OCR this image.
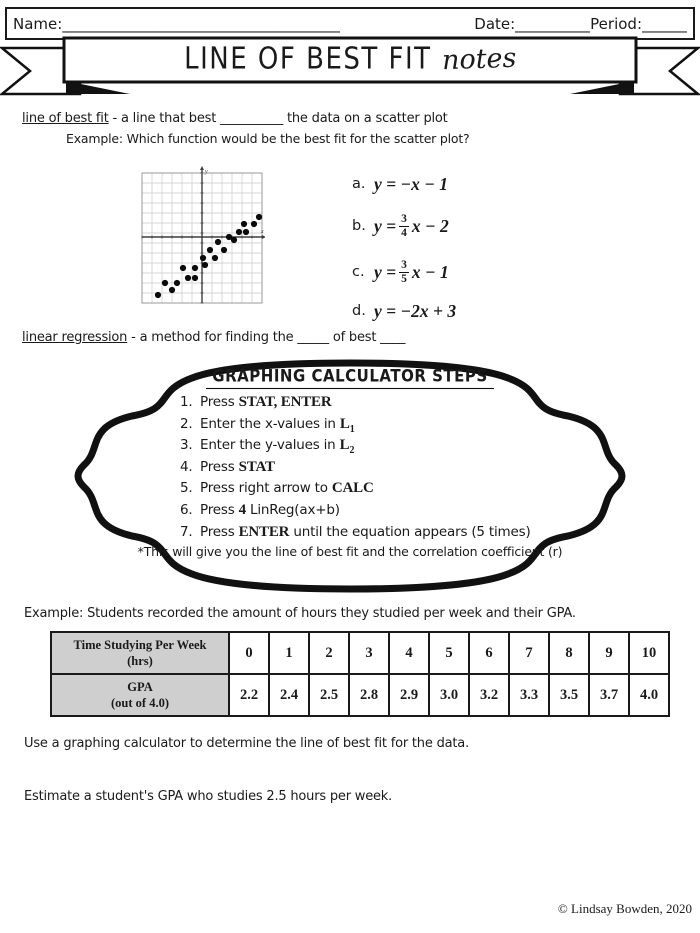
Name: _____________________________________	Date: __________ Period: ______
LINE OF BEST FIT notes
line of best fit - a line that best __________ the data on a scatter plot
Example: Which function would be the best fit for the scatter plot?
y
x
a. y = −x − 1
b. $y = \frac{3}{4}$ x − 2
c. $y = \frac{3}{5}$ x − 1
d. y = −2x + 3
linear regression - a method for finding the _____ of best ____
GRAPHING CALCULATOR STEPS
1. Press STAT, ENTER
2. Enter the x-values in $L_1$
3. Enter the y-values in $L_2$
4. Press STAT
5. Press right arrow to CALC
6. Press 4 LinReg(ax+b)
7. Press ENTER until the equation appears (5 times)
*This will give you the line of best fit and the correlation coefficient (r)
Example: Students recorded the amount of hours they studied per week and their GPA.
Time Studying Per Week
(hrs)	0	1	2	3	4	5	6	7	8	9	10
GPA
(out of 4.0)	2.2	2.4	2.5	2.8	2.9	3.0	3.2	3.3	3.5	3.7	4.0
Use a graphing calculator to determine the line of best fit for the data.
Estimate a student's GPA who studies 2.5 hours per week.
© Lindsay Bowden, 2020
